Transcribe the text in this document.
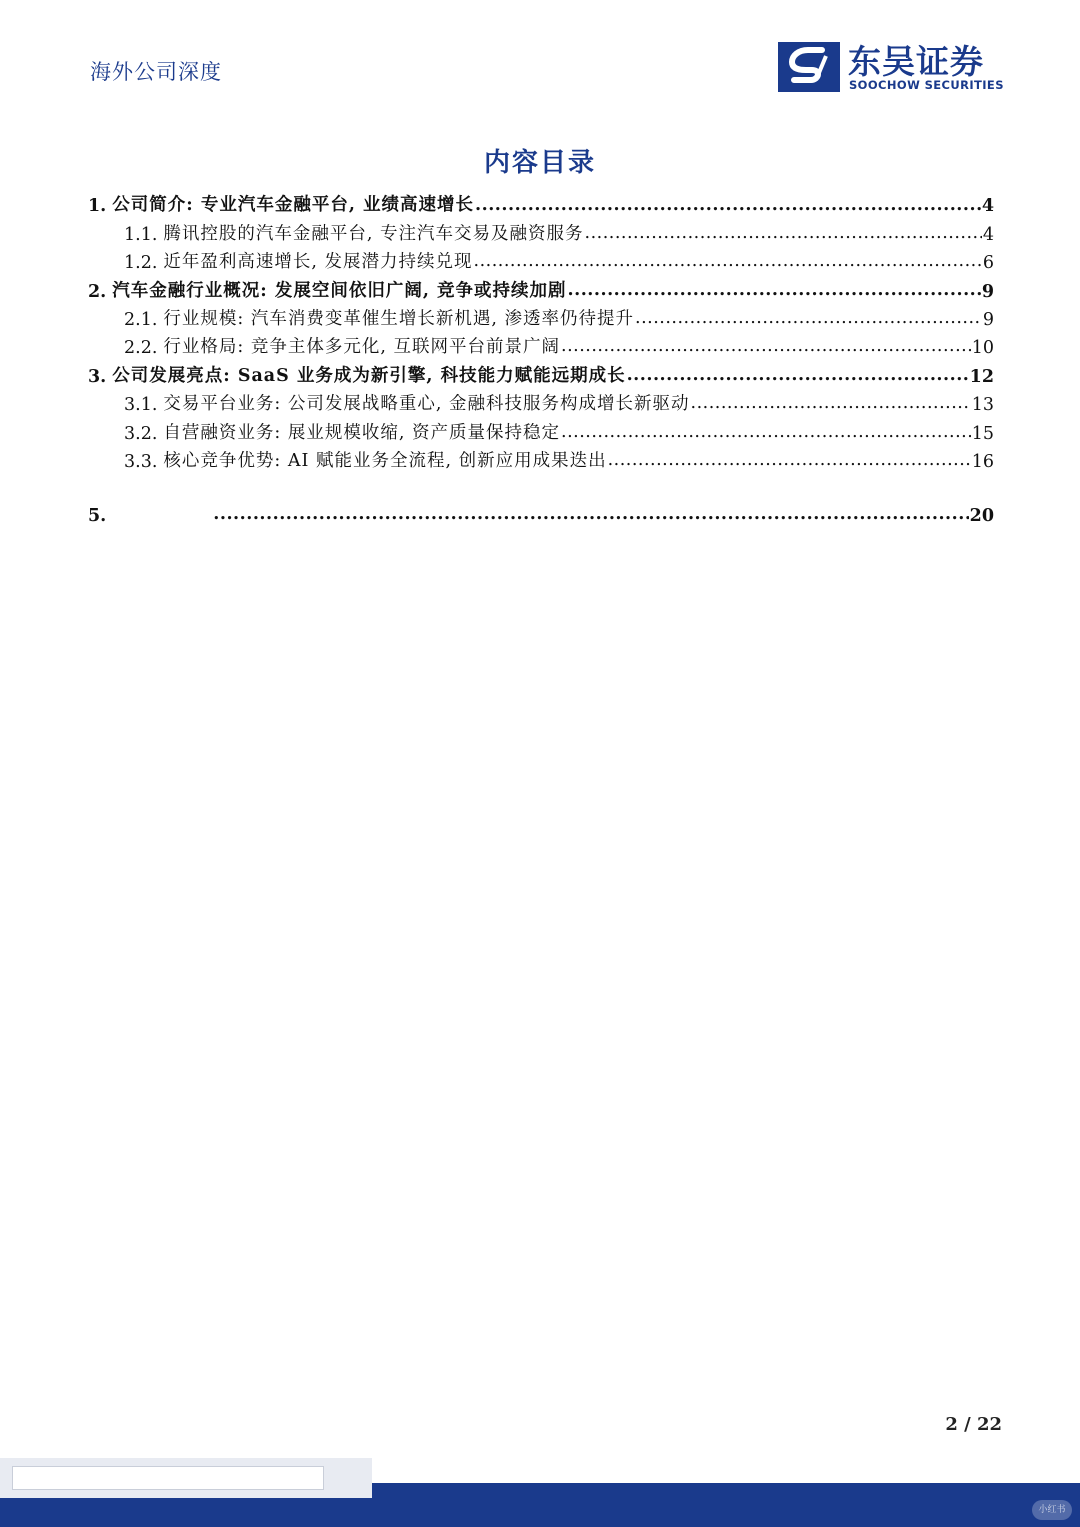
海外公司深度	东吴证券
SOOCHOW SECURITIES
内容目录
1. 公司简介: 专业汽车金融平台, 业绩高速增长 .....	4
1.1. 腾讯控股的汽车金融平台, 专注汽车交易及融资服务 .....	4
1.2. 近年盈利高速增长, 发展潜力持续兑现 .....	6
2. 汽车金融行业概况: 发展空间依旧广阔, 竞争或持续加剧 .....	9
2.1. 行业规模: 汽车消费变革催生增长新机遇, 渗透率仍待提升 .....	9
2.2. 行业格局: 竞争主体多元化, 互联网平台前景广阔 .....	10
3. 公司发展亮点: SaaS 业务成为新引擎, 科技能力赋能远期成长 .....	12
3.1. 交易平台业务: 公司发展战略重心, 金融科技服务构成增长新驱动 .....	13
3.2. 自营融资业务: 展业规模收缩, 资产质量保持稳定 .....	15
3.3. 核心竞争优势: AI 赋能业务全流程, 创新应用成果迭出 .....	16
5. .....	20
2 / 22
小红书
